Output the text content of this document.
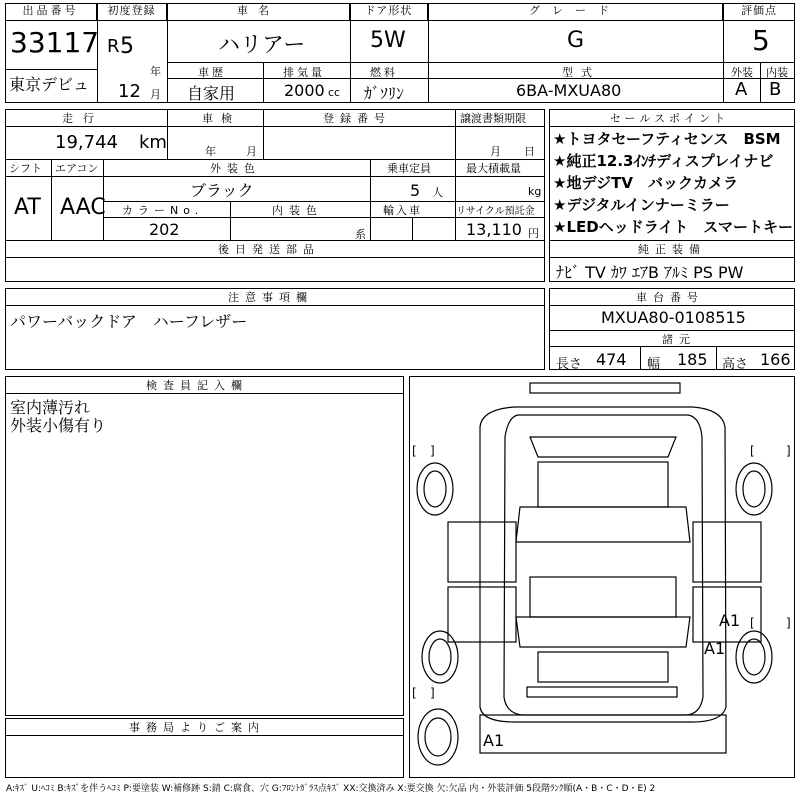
出品番号
33117
東京デビュ
初度登録
R 5
年
12 月
車名
ハリアー
ドア形状
5W
グレード
G
評価点
5
車歴
自家用
排気量
2000 cc
燃料
ｶﾞｿﾘﾝ
型式
6BA-MXUA80
外装 内装
A B
走行
19,744 km
車検
年	月
登録番号	譲渡書類期限
月 日
シフト エアコン
AT AAC
外装色
ブラック
乗車定員
5 人
最大積載量
kg
カラーNo.
202
内装色
系
輸入車	リサイクル預託金
13,110 円
後日発送部品
セールスポイント
★トヨタセーフティセンス　BSM
★純正12.3ｲﾝﾁディスプレイナビ
★地デジTV　バックカメラ
★デジタルインナーミラー
★LEDヘッドライト　スマートキー
純正装備
ﾅﾋﾞ TV ｶﾜ ｴｱB ｱﾙﾐ PS PW
注意事項欄
パワーバックドア　ハーフレザー
車台番号
MXUA80-0108515
諸元
長さ 474 幅 185 高さ 166
検査員記入欄
室内薄汚れ
外装小傷有り
事務局よりご案内
[ ]	[	]
[	]
[ ]
A1
A1
A1
A:ｷｽﾞ U:ﾍｺﾐ B:ｷｽﾞを伴うﾍｺﾐ P:要塗装 W:補修跡 S:錆 C:腐食、穴 G:ﾌﾛﾝﾄｶﾞﾗｽ点ｷｽﾞ XX:交換済み X:要交換 欠:欠品 内・外装評価 5段階ﾗﾝｸ順(A・B・C・D・E) 2
